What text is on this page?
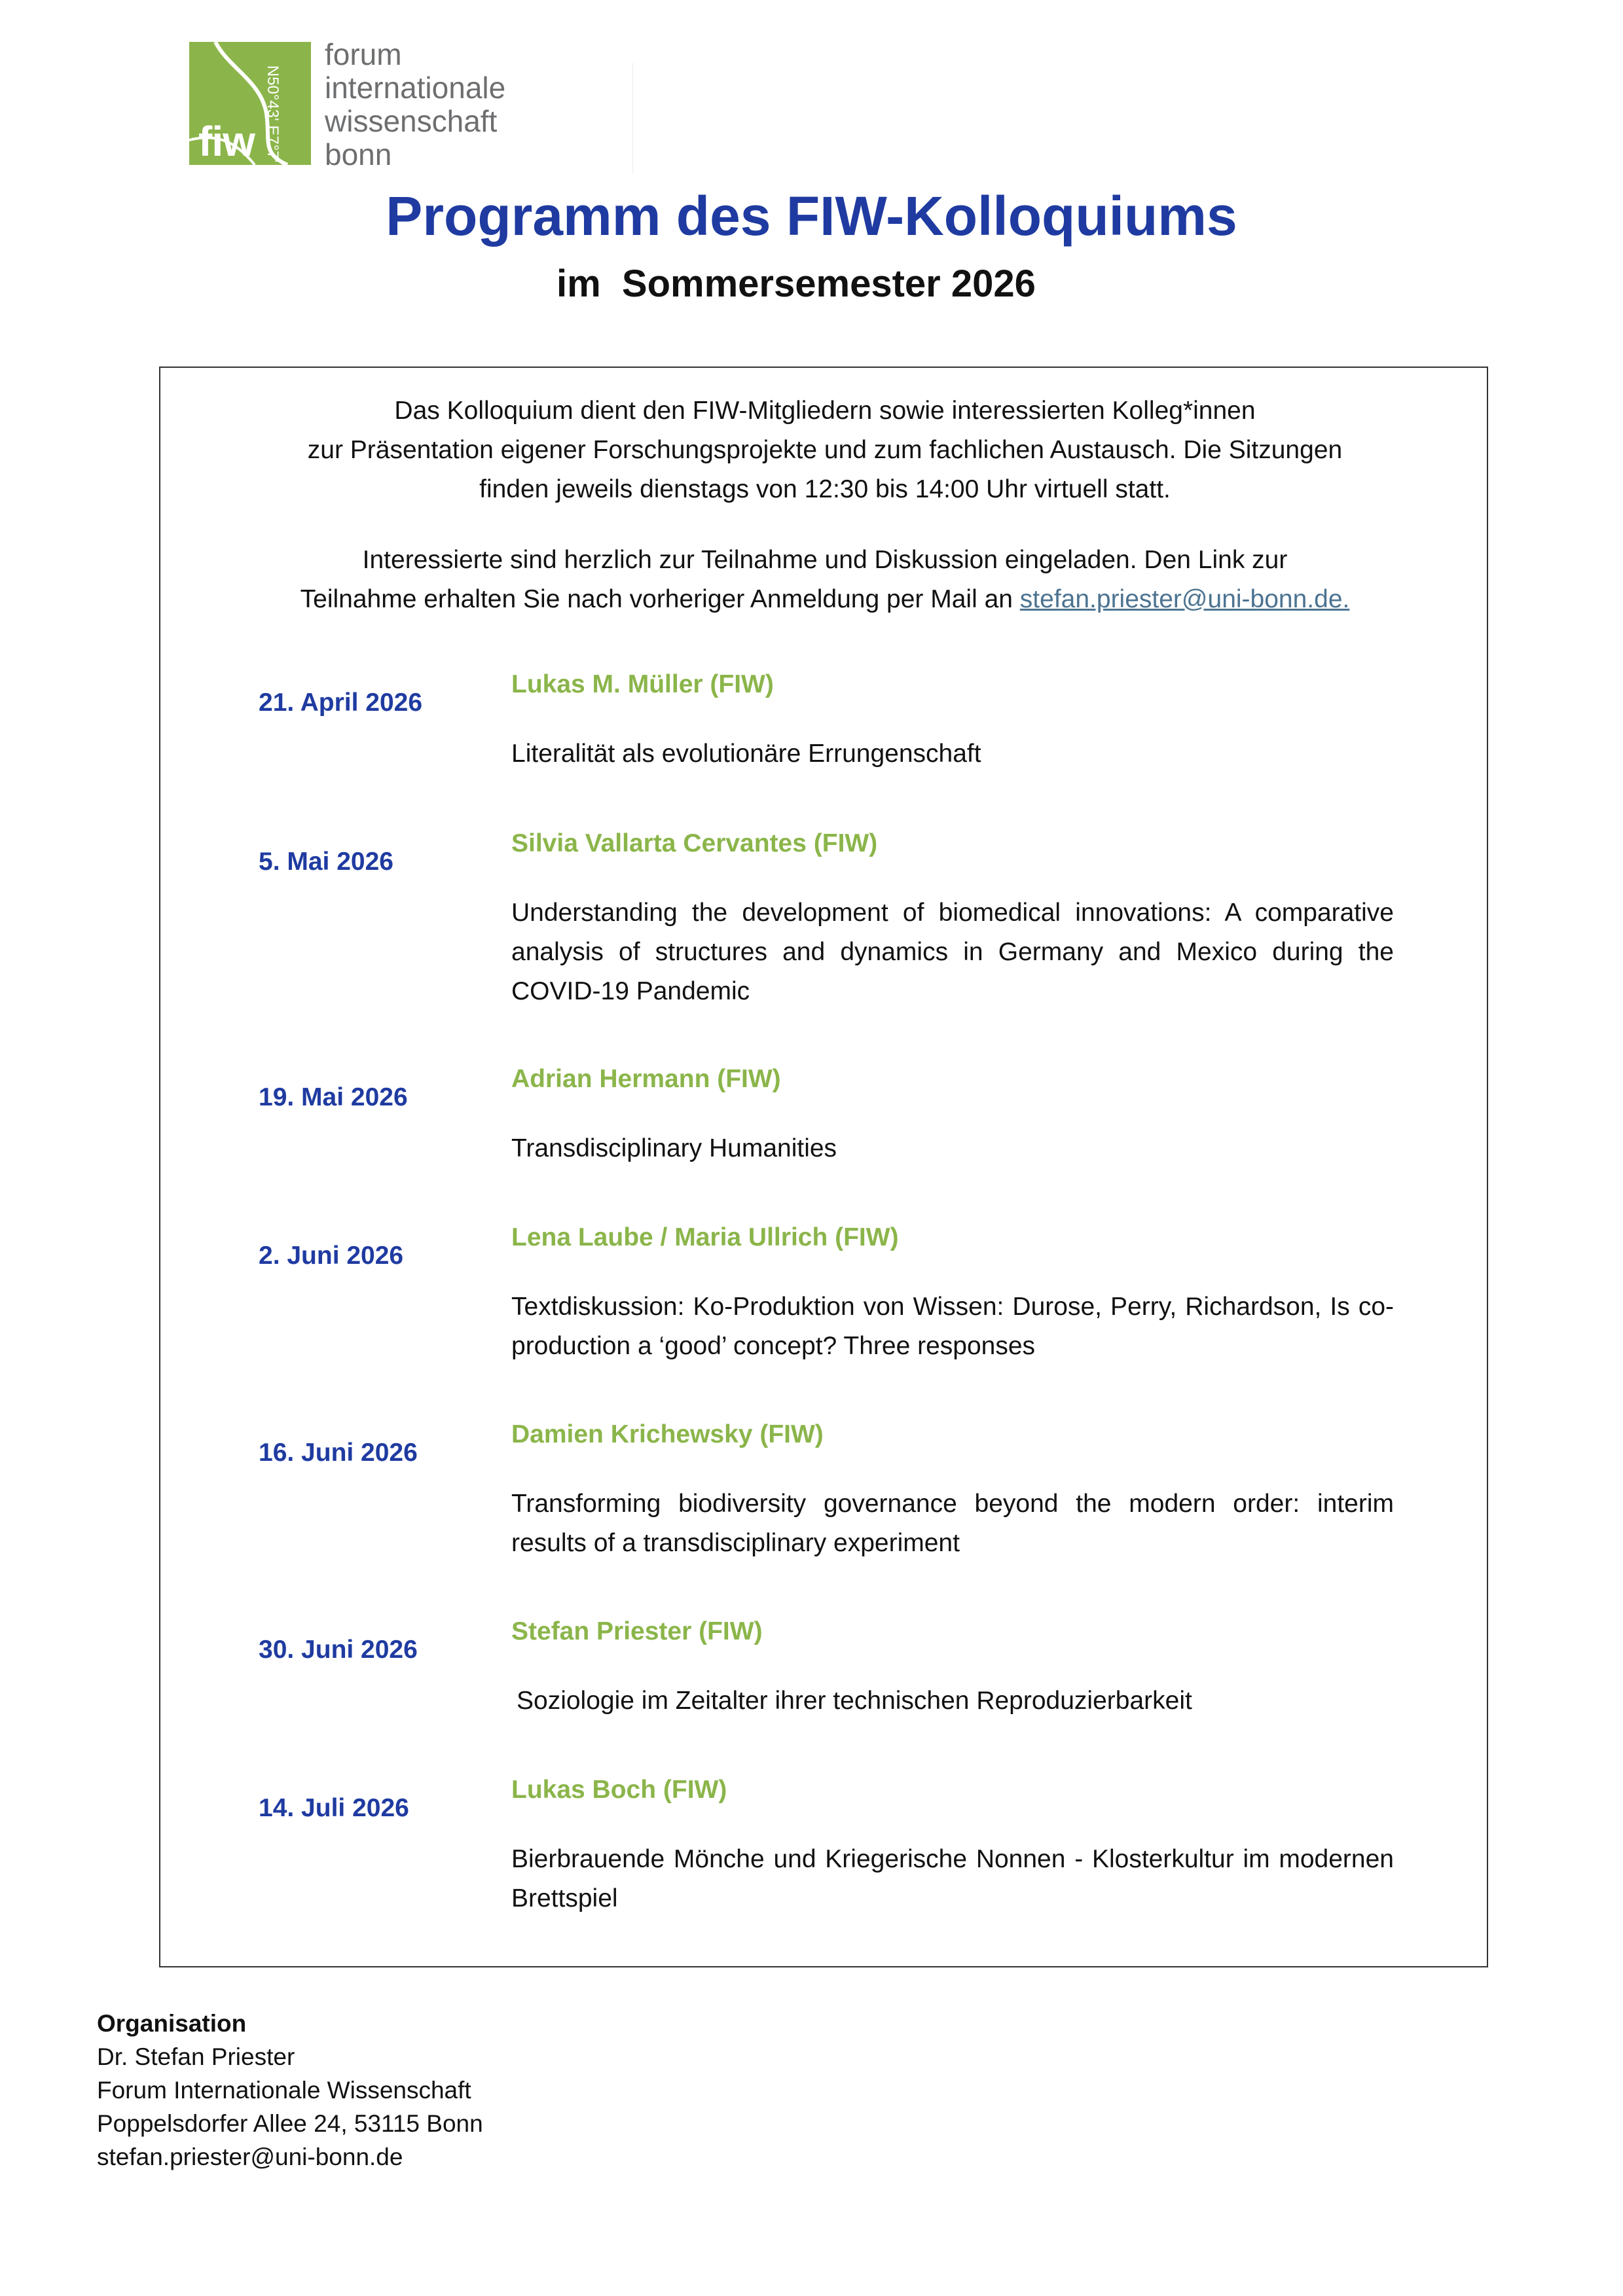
fiw N50°43' E7°7'
forum
internationale
wissenschaft
bonn
Programm des FIW-Kolloquiums
im  Sommersemester 2026
Das Kolloquium dient den FIW-Mitgliedern sowie interessierten Kolleg*innen
zur Präsentation eigener Forschungsprojekte und zum fachlichen Austausch. Die Sitzungen
finden jeweils dienstags von 12:30 bis 14:00 Uhr virtuell statt.
Interessierte sind herzlich zur Teilnahme und Diskussion eingeladen. Den Link zur
Teilnahme erhalten Sie nach vorheriger Anmeldung per Mail an stefan.priester@uni-bonn.de.
21. April 2026
Lukas M. Müller (FIW)
Literalität als evolutionäre Errungenschaft
5. Mai 2026
Silvia Vallarta Cervantes (FIW)
Understanding the development of biomedical innovations: A comparative analysis of structures and dynamics in Germany and Mexico during the COVID-19 Pandemic
19. Mai 2026
Adrian Hermann (FIW)
Transdisciplinary Humanities
2. Juni 2026
Lena Laube / Maria Ullrich (FIW)
Textdiskussion: Ko-Produktion von Wissen: Durose, Perry, Richardson, Is co-production a ‘good’ concept? Three responses
16. Juni 2026
Damien Krichewsky (FIW)
Transforming biodiversity governance beyond the modern order: interim results of a transdisciplinary experiment
30. Juni 2026
Stefan Priester (FIW)
Soziologie im Zeitalter ihrer technischen Reproduzierbarkeit
14. Juli 2026
Lukas Boch (FIW)
Bierbrauende Mönche und Kriegerische Nonnen - Klosterkultur im modernen Brettspiel
Organisation
Dr. Stefan Priester
Forum Internationale Wissenschaft
Poppelsdorfer Allee 24, 53115 Bonn
stefan.priester@uni-bonn.de
